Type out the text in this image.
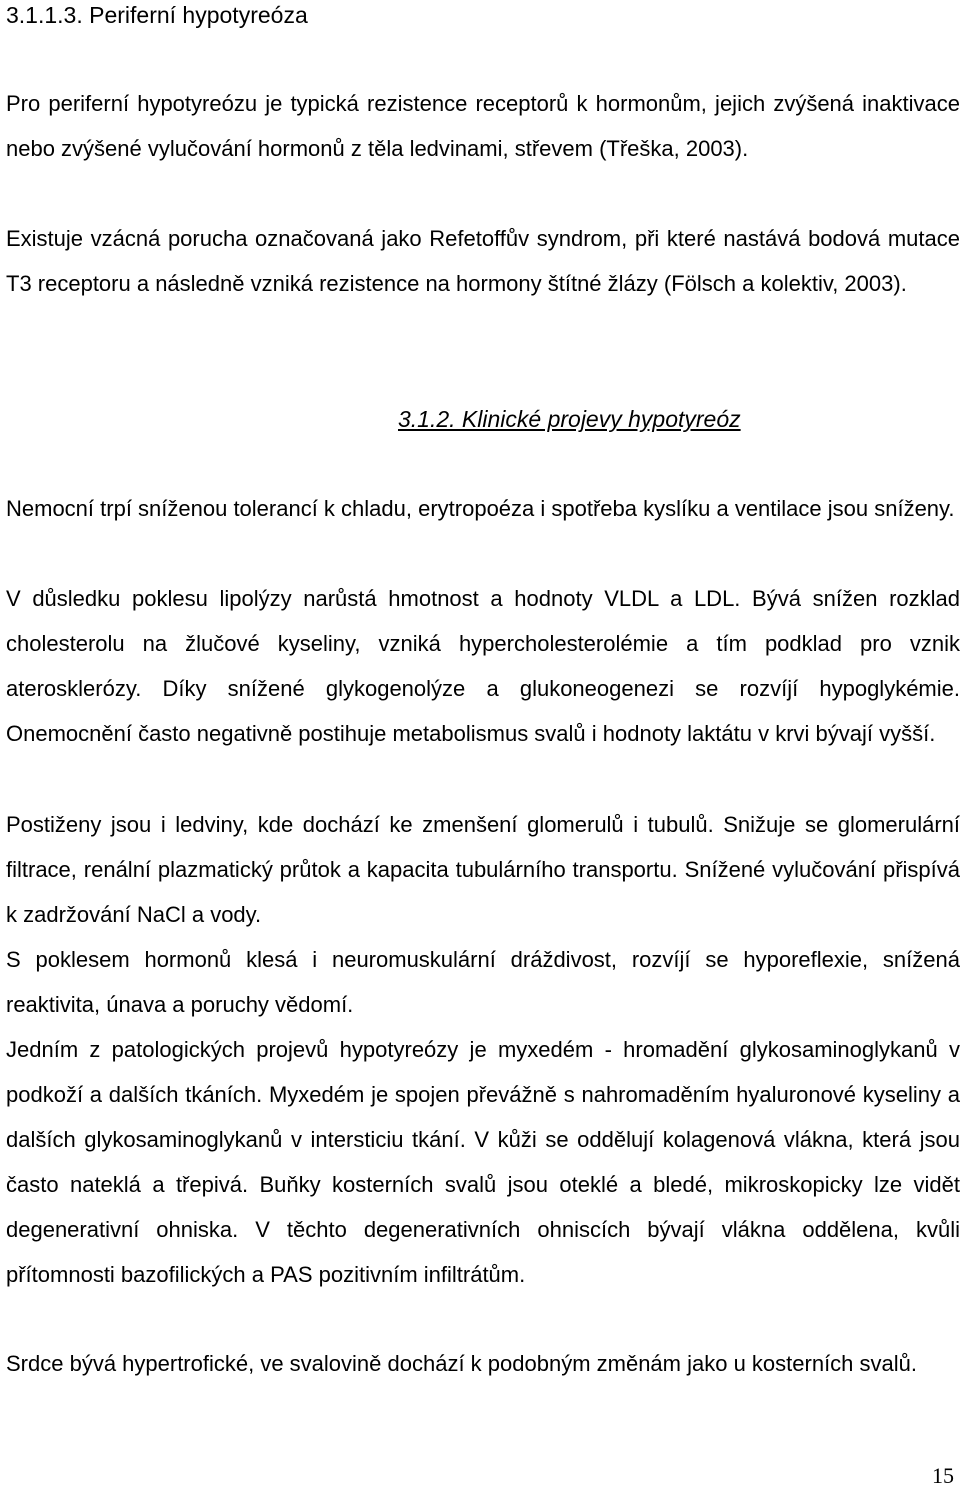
3.1.1.3. Periferní hypotyreóza

Pro periferní hypotyreózu je typická rezistence receptorů k hormonům, jejich zvýšená inaktivace nebo zvýšené vylučování hormonů z těla ledvinami, střevem (Třeška, 2003).

Existuje vzácná porucha označovaná jako Refetoffův syndrom, při které nastává bodová mutace T3 receptoru a následně vzniká rezistence na hormony štítné žlázy (Fölsch a kolektiv, 2003).

3.1.2. Klinické projevy hypotyreóz

Nemocní trpí sníženou tolerancí k chladu, erytropoéza i spotřeba kyslíku a ventilace jsou sníženy.

V důsledku poklesu lipolýzy narůstá hmotnost a hodnoty VLDL a LDL. Bývá snížen rozklad cholesterolu na žlučové kyseliny, vzniká hypercholesterolémie a tím podklad pro vznik aterosklerózy. Díky snížené glykogenolýze a glukoneogenezi se rozvíjí hypoglykémie. Onemocnění často negativně postihuje metabolismus svalů i hodnoty laktátu v krvi bývají vyšší.

Postiženy jsou i ledviny, kde dochází ke zmenšení glomerulů i tubulů. Snižuje se glomerulární filtrace, renální plazmatický průtok a kapacita tubulárního transportu. Snížené vylučování přispívá k zadržování NaCl a vody.

S poklesem hormonů klesá i neuromuskulární dráždivost, rozvíjí se hyporeflexie, snížená reaktivita, únava a poruchy vědomí.

Jedním z patologických projevů hypotyreózy je myxedém - hromadění glykosaminoglykanů v podkoží a dalších tkáních. Myxedém je spojen převážně s nahromaděním hyaluronové kyseliny a dalších glykosaminoglykanů v intersticiu tkání. V kůži se oddělují kolagenová vlákna, která jsou často nateklá a třepivá. Buňky kosterních svalů jsou oteklé a bledé, mikroskopicky lze vidět degenerativní ohniska. V těchto degenerativních ohniscích bývají vlákna oddělena, kvůli přítomnosti bazofilických a PAS pozitivním infiltrátům.

Srdce bývá hypertrofické, ve svalovině dochází k podobným změnám jako u kosterních svalů.

15
